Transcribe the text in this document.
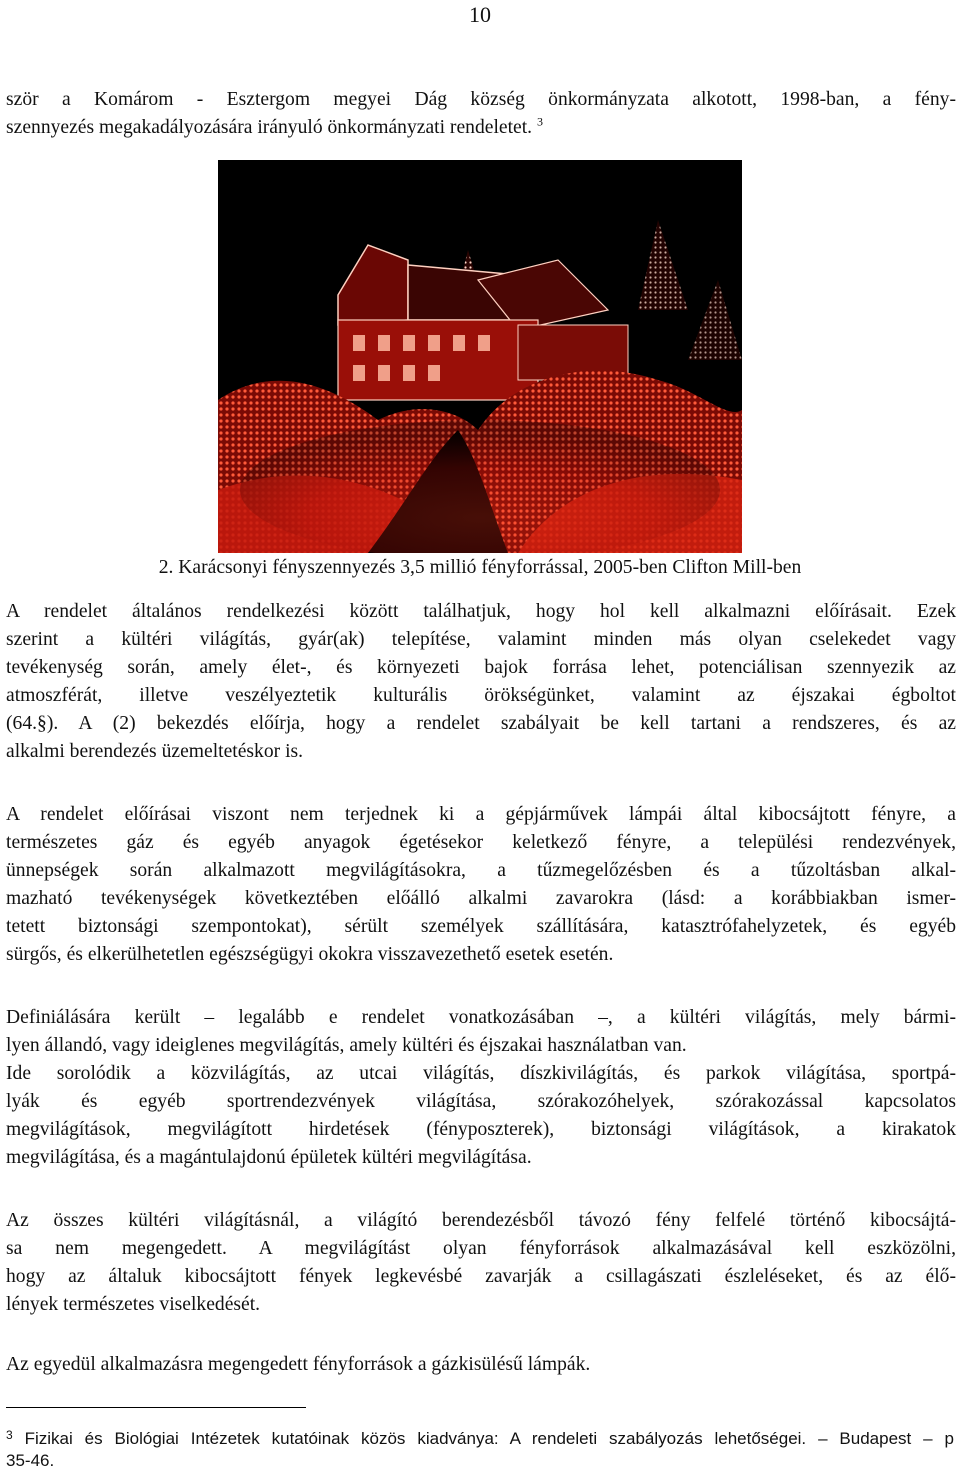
10
ször a Komárom - Esztergom megyei Dág község önkormányzata alkotott, 1998-ban, a fény-
szennyezés megakadályozására irányuló önkormányzati rendeletet. $^3$
2. Karácsonyi fényszennyezés 3,5 millió fényforrással, 2005-ben Clifton Mill-ben
A rendelet általános rendelkezési között találhatjuk, hogy hol kell alkalmazni előírásait. Ezek
szerint a kültéri világítás, gyár(ak) telepítése, valamint minden más olyan cselekedet vagy
tevékenység során, amely élet-, és környezeti bajok forrása lehet, potenciálisan szennyezik az
atmoszférát, illetve veszélyeztetik kulturális örökségünket, valamint az éjszakai égboltot
(64.§). A (2) bekezdés előírja, hogy a rendelet szabályait be kell tartani a rendszeres, és az
alkalmi berendezés üzemeltetéskor is.
A rendelet előírásai viszont nem terjednek ki a gépjárművek lámpái által kibocsájtott fényre, a
természetes gáz és egyéb anyagok égetésekor keletkező fényre, a települési rendezvények,
ünnepségek során alkalmazott megvilágításokra, a tűzmegelőzésben és a tűzoltásban alkal-
mazható tevékenységek következtében előálló alkalmi zavarokra (lásd: a korábbiakban ismer-
tetett biztonsági szempontokat), sérült személyek szállítására, katasztrófahelyzetek, és egyéb
sürgős, és elkerülhetetlen egészségügyi okokra visszavezethető esetek esetén.
Definiálására került – legalább e rendelet vonatkozásában –, a kültéri világítás, mely bármi-
lyen állandó, vagy ideiglenes megvilágítás, amely kültéri és éjszakai használatban van.
Ide sorolódik a közvilágítás, az utcai világítás, díszkivilágítás, és parkok világítása, sportpá-
lyák és egyéb sportrendezvények világítása, szórakozóhelyek, szórakozással kapcsolatos
megvilágítások, megvilágított hirdetések (fényposzterek), biztonsági világítások, a kirakatok
megvilágítása, és a magántulajdonú épületek kültéri megvilágítása.
Az összes kültéri világításnál, a világító berendezésből távozó fény felfelé történő kibocsájtá-
sa nem megengedett. A megvilágítást olyan fényforrások alkalmazásával kell eszközölni,
hogy az általuk kibocsájtott fények legkevésbé zavarják a csillagászati észleléseket, és az élő-
lények természetes viselkedését.
Az egyedül alkalmazásra megengedett fényforrások a gázkisülésű lámpák.
$^3$ Fizikai és Biológiai Intézetek kutatóinak közös kiadványa: A rendeleti szabályozás lehetőségei. – Budapest – p
35-46.
